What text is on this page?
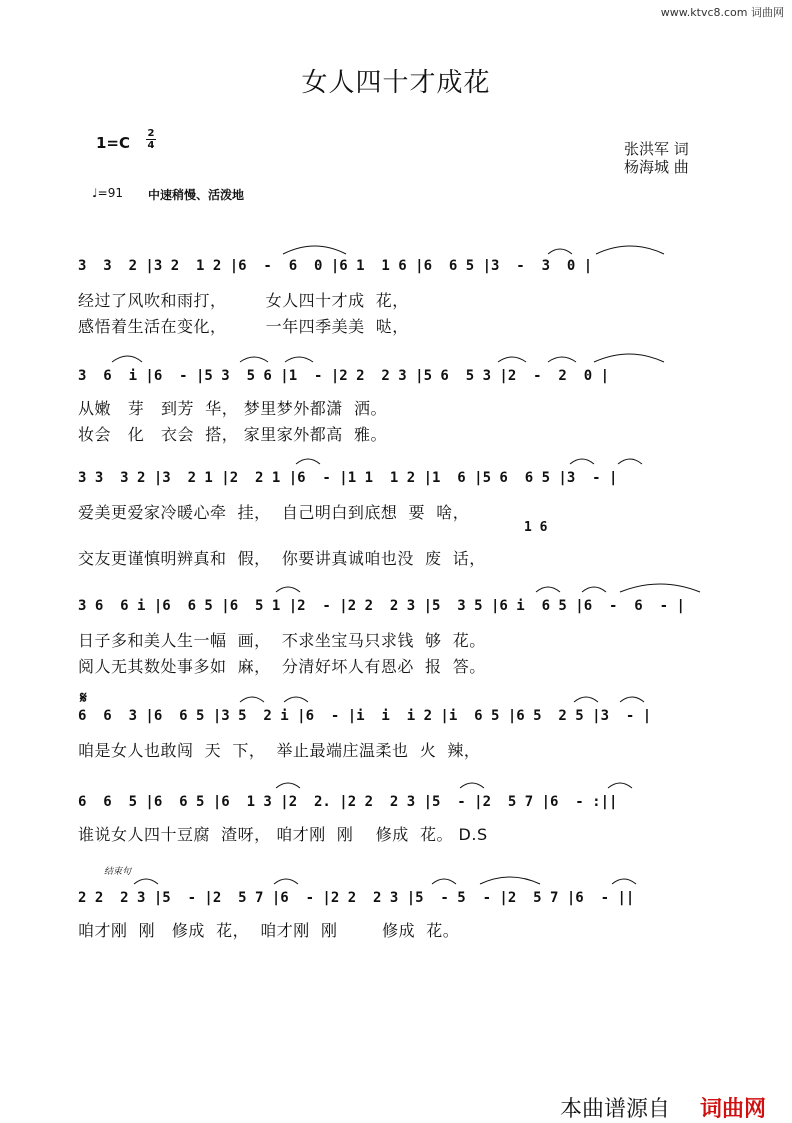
www.ktvc8.com 词曲网
女人四十才成花
1=C
2
4	张洪军 词
杨海城 曲
♩=91 中速稍慢、活泼地
3  3  2 |3 2  1 2 |6  -  6  0 |6 1  1 6 |6  6 5 |3  -  3  0 |
经过了风吹和雨打，       女人四十才成  花，
感悟着生活在变化，       一年四季美美  哒，
3  6  i |6  - |5 3  5 6 |1  - |2 2  2 3 |5 6  5 3 |2  -  2  0 |
从嫩   芽   到芳  华， 梦里梦外都潇  洒。
妆会   化   衣会  搭， 家里家外都高  雅。
3 3  3 2 |3  2 1 |2  2 1 |6  - |1 1  1 2 |1  6 |5 6  6 5 |3  - |
爱美更爱家冷暖心牵  挂，  自己明白到底想  要  啥，
1 6
交友更谨慎明辨真和  假，  你要讲真诚咱也没  废  话，
3 6  6 i |6  6 5 |6  5 1 |2  - |2 2  2 3 |5  3 5 |6 i  6 5 |6  -  6  - |
日子多和美人生一幅  画，  不求坐宝马只求钱  够  花。
阅人无其数处事多如  麻，  分清好坏人有恩必  报  答。
𝄋
6  6  3 |6  6 5 |3 5  2 i |6  - |i  i  i 2 |i  6 5 |6 5  2 5 |3  - |
咱是女人也敢闯  天  下，  举止最端庄温柔也  火  辣，
6  6  5 |6  6 5 |6  1 3 |2  2. |2 2  2 3 |5  - |2  5 7 |6  - :||
谁说女人四十豆腐  渣呀， 咱才刚  刚    修成  花。 D.S
结束句
2 2  2 3 |5  - |2  5 7 |6  - |2 2  2 3 |5  - 5  - |2  5 7 |6  - ||
咱才刚  刚   修成  花，  咱才刚  刚        修成  花。
本曲谱源自 词曲网
